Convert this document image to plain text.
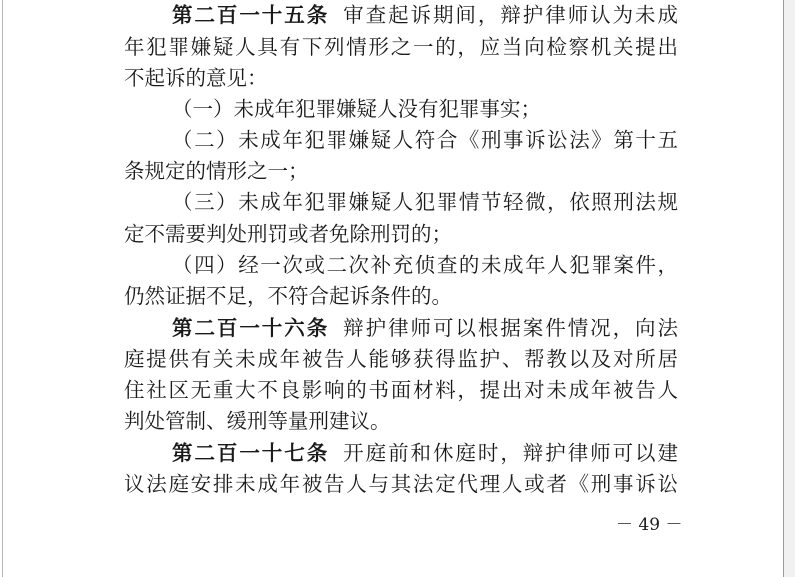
第二百一十五条 审查起诉期间，辩护律师认为未成
年犯罪嫌疑人具有下列情形之一的，应当向检察机关提出
不起诉的意见：
（一）未成年犯罪嫌疑人没有犯罪事实；
（二）未成年犯罪嫌疑人符合《刑事诉讼法》第十五
条规定的情形之一；
（三）未成年犯罪嫌疑人犯罪情节轻微，依照刑法规
定不需要判处刑罚或者免除刑罚的；
（四）经一次或二次补充侦查的未成年人犯罪案件，
仍然证据不足，不符合起诉条件的。
第二百一十六条 辩护律师可以根据案件情况，向法
庭提供有关未成年被告人能够获得监护、帮教以及对所居
住社区无重大不良影响的书面材料，提出对未成年被告人
判处管制、缓刑等量刑建议。
第二百一十七条 开庭前和休庭时，辩护律师可以建
议法庭安排未成年被告人与其法定代理人或者《刑事诉讼
－ 49 －
